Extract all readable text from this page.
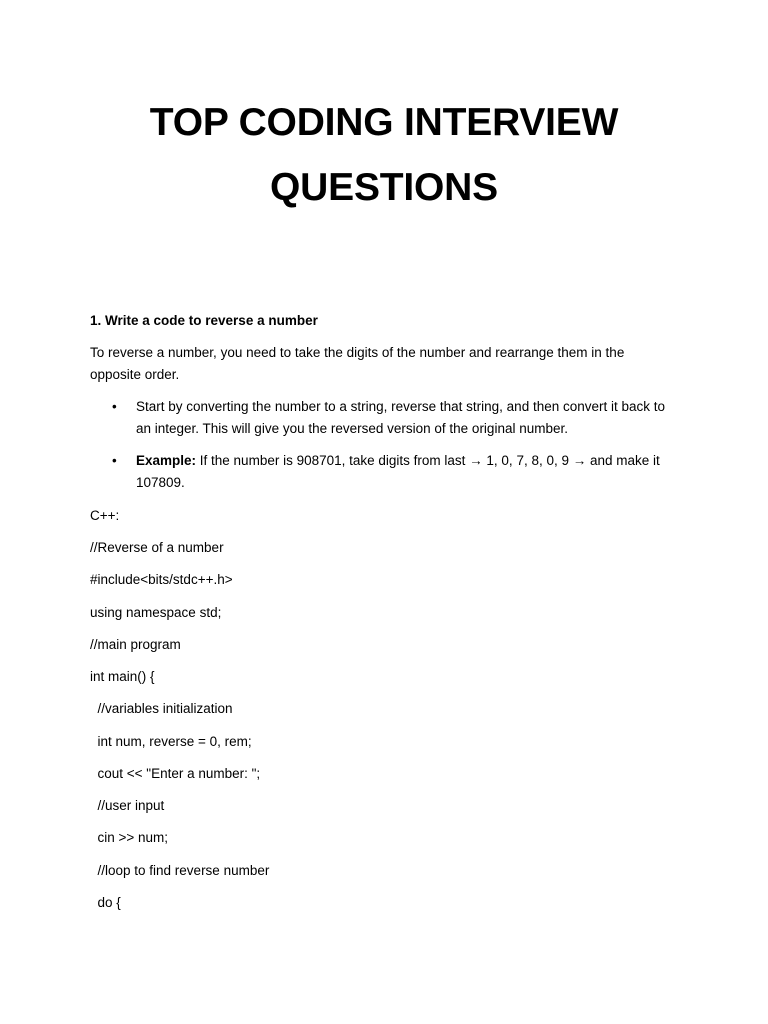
TOP CODING INTERVIEW
QUESTIONS
1. Write a code to reverse a number
To reverse a number, you need to take the digits of the number and rearrange them in the opposite order.
• Start by converting the number to a string, reverse that string, and then convert it back to an integer. This will give you the reversed version of the original number.
• Example: If the number is 908701, take digits from last → 1, 0, 7, 8, 0, 9 → and make it 107809.
C++:
//Reverse of a number
#include<bits/stdc++.h>
using namespace std;
//main program
int main() {
//variables initialization
int num, reverse = 0, rem;
cout << "Enter a number: ";
//user input
cin >> num;
//loop to find reverse number
do {
